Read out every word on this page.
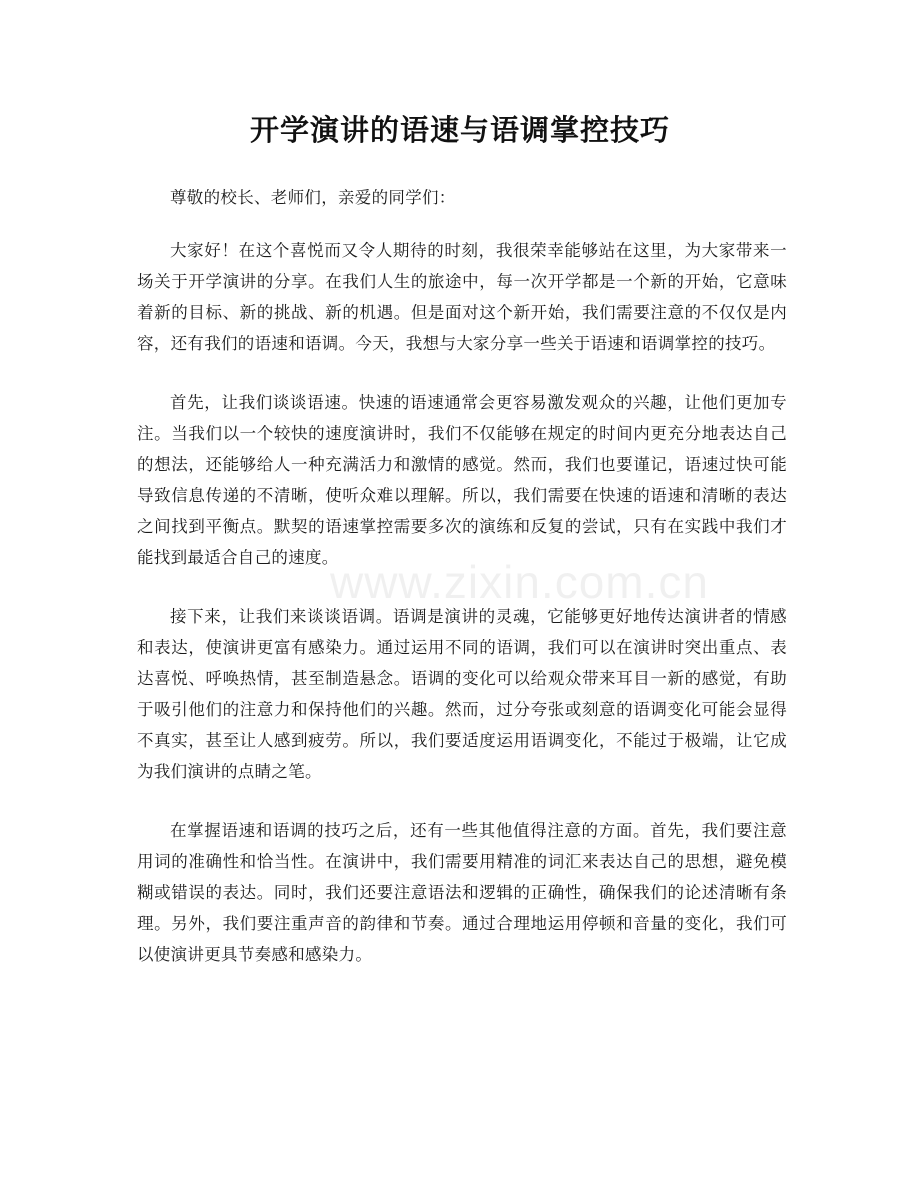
开学演讲的语速与语调掌控技巧
www.zixin.com.cn

尊敬的校长、老师们，亲爱的同学们：

大家好！在这个喜悦而又令人期待的时刻，我很荣幸能够站在这里，为大家带来一场关于开学演讲的分享。在我们人生的旅途中，每一次开学都是一个新的开始，它意味着新的目标、新的挑战、新的机遇。但是面对这个新开始，我们需要注意的不仅仅是内容，还有我们的语速和语调。今天，我想与大家分享一些关于语速和语调掌控的技巧。

首先，让我们谈谈语速。快速的语速通常会更容易激发观众的兴趣，让他们更加专注。当我们以一个较快的速度演讲时，我们不仅能够在规定的时间内更充分地表达自己的想法，还能够给人一种充满活力和激情的感觉。然而，我们也要谨记，语速过快可能导致信息传递的不清晰，使听众难以理解。所以，我们需要在快速的语速和清晰的表达之间找到平衡点。默契的语速掌控需要多次的演练和反复的尝试，只有在实践中我们才能找到最适合自己的速度。

接下来，让我们来谈谈语调。语调是演讲的灵魂，它能够更好地传达演讲者的情感和表达，使演讲更富有感染力。通过运用不同的语调，我们可以在演讲时突出重点、表达喜悦、呼唤热情，甚至制造悬念。语调的变化可以给观众带来耳目一新的感觉，有助于吸引他们的注意力和保持他们的兴趣。然而，过分夸张或刻意的语调变化可能会显得不真实，甚至让人感到疲劳。所以，我们要适度运用语调变化，不能过于极端，让它成为我们演讲的点睛之笔。

在掌握语速和语调的技巧之后，还有一些其他值得注意的方面。首先，我们要注意用词的准确性和恰当性。在演讲中，我们需要用精准的词汇来表达自己的思想，避免模糊或错误的表达。同时，我们还要注意语法和逻辑的正确性，确保我们的论述清晰有条理。另外，我们要注重声音的韵律和节奏。通过合理地运用停顿和音量的变化，我们可以使演讲更具节奏感和感染力。
